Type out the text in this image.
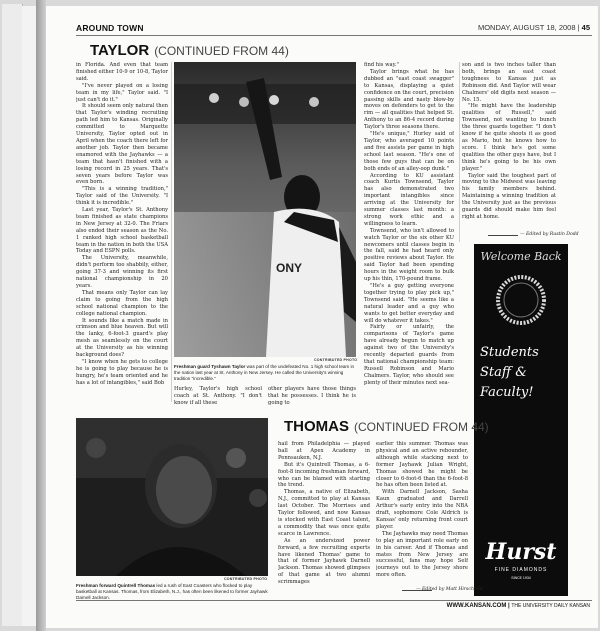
AROUND TOWN	MONDAY, AUGUST 18, 2008 | 45
TAYLOR (CONTINUED FROM 44)

in Florida. And even that team finished either 10-9 or 10-8, Taylor said.

"I've never played on a losing team in my life," Taylor said. "I just can't do it."

It should seem only natural then that Taylor's winding recruiting path led him to Kansas. Originally committed to Marquette University, Taylor opted out in April when the coach there left for another job. Taylor then became enamored with the Jayhawks — a team that hasn't finished with a losing record in 25 years. That's seven years before Taylor was even born.

"This is a winning tradition," Taylor said of the University. "I think it is incredible."

Last year, Taylor's St. Anthony team finished as state champions in New Jersey at 32-0. The Friars also ended their season as the No. 1 ranked high school basketball team in the nation in both the USA Today and ESPN polls.

The University, meanwhile, didn't perform too shabbily, either, going 37-3 and winning its first national championship in 20 years.

That means only Taylor can lay claim to going from the high school national champion to the college national champion.

It sounds like a match made in crimson and blue heaven. But will the lanky, 6-foot-3 guard's play mesh as seamlessly on the court at the University as his winning background does?

"I know when he gets to college he is going to play because he is hungry, he's team oriented and he has a lot of intangibles," said Bob

ONY
CONTRIBUTED PHOTO
Freshman guard Tyshawn Taylor was part of the undefeated No. 1 high school team in the nation last year at St. Anthony in New Jersey. He called the University's winning tradition "incredible."

Hurley, Taylor's high school coach at St. Anthony. "I don't know if all these

other players have those things that he possesses. I think he is going to

find his way."

Taylor brings what he has dubbed an "east coast swagger" to Kansas, displaying a quiet confidence on the court, precision passing skills and nasty blow-by moves on defenders to get to the rim — all qualities that helped St. Anthony to an 86-4 record during Taylor's three seasons there.

"He's unique," Hurley said of Taylor, who averaged 10 points and five assists per game in high school last season. "He's one of those few guys that can be on both ends of an alley-oop dunk."

According to KU assistant coach Kurtis Townsend, Taylor has also demonstrated two important intangibles since arriving at the University for summer classes last month: a strong work ethic and a willingness to learn.

Townsend, who isn't allowed to watch Taylor or the six other KU newcomers until classes begin in the fall, said he had heard only positive reviews about Taylor. He said Taylor had been spending hours in the weight room to bulk up his thin, 170-pound frame.

"He's a guy getting everyone together trying to play pick up," Townsend said. "He seems like a natural leader and a guy who wants to get better everyday and will do whatever it takes."

Fairly or unfairly, the comparisons of Taylor's game have already begun to match up against two of the University's recently departed guards from that national championship team: Russell Robinson and Mario Chalmers. Taylor, who should see plenty of their minutes next sea-

son and is two inches taller than both, brings an east coast toughness to Kansas just as Robinson did. And Taylor will wear Chalmers' old digits next season — No. 15.

"He might have the leadership qualities of Russell," said Townsend, not wanting to bunch the three guards together. "I don't know if he quite shoots it as good as Mario, but he knows how to score. I think he's got some qualities the other guys have, but I think he's going to be his own player."

Taylor said the toughest part of moving to the Midwest was leaving his family members behind. Maintaining a winning tradition at the University just as the previous guards did should make him feel right at home.

— Edited by Rustin Dodd
Welcome Back
Students
Staff &
Faculty!
Hurst
FINE DIAMONDS
SINCE 1934
THOMAS (CONTINUED FROM 44)
CONTRIBUTED PHOTO
Freshman forward Quintrell Thomas led a rush of East Coasters who flocked to play basketball at Kansas. Thomas, from Elizabeth, N.J., has often been likened to former Jayhawk Darnell Jackson.

hail from Philadelphia — played ball at Apex Academy in Pennsauken, N.J.

But it's Quintrell Thomas, a 6-foot-8 incoming freshman forward, who can be blamed with starting the trend.

Thomas, a native of Elizabeth, N.J., committed to play at Kansas last October. The Morrises and Taylor followed, and now Kansas is stocked with East Coast talent, a commodity that was once quite scarce in Lawrence.

As an undersized power forward, a few recruiting experts have likened Thomas' game to that of former Jayhawk Darnell Jackson. Thomas showed glimpses of that game at two alumni scrimmages

earlier this summer. Thomas was physical and an active rebounder, although while stacking next to former Jayhawk Julian Wright, Thomas showed he might be closer to 6-foot-6 than the 6-foot-8 he has often been listed at.

With Darnell Jackson, Sasha Kaun graduated and Darrell Arthur's early entry into the NBA draft, sophomore Cole Aldrich is Kansas' only returning front court player.

The Jayhawks may need Thomas to play an important role early on in his career. And if Thomas and mates from New Jersey are successful, fans may hope Self journeys out to the Jersey shore more often.

— Edited by Matt Hirschfeld
WWW.KANSAN.COM | THE UNIVERSITY DAILY KANSAN
